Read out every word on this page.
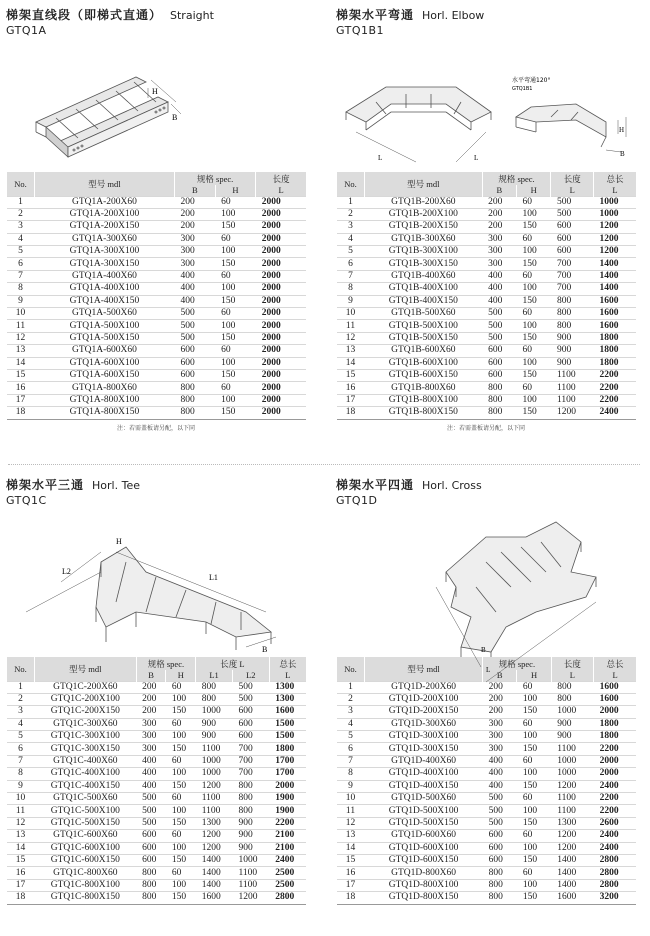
梯架直线段（即梯式直通） Straight
GTQ1A
H
B
No.	型号 mdl	规格 spec.		长度
		B	H	L
1	GTQ1A-200X60	200	60	2000
2	GTQ1A-200X100	200	100	2000
3	GTQ1A-200X150	200	150	2000
4	GTQ1A-300X60	300	60	2000
5	GTQ1A-300X100	300	100	2000
6	GTQ1A-300X150	300	150	2000
7	GTQ1A-400X60	400	60	2000
8	GTQ1A-400X100	400	100	2000
9	GTQ1A-400X150	400	150	2000
10	GTQ1A-500X60	500	60	2000
11	GTQ1A-500X100	500	100	2000
12	GTQ1A-500X150	500	150	2000
13	GTQ1A-600X60	600	60	2000
14	GTQ1A-600X100	600	100	2000
15	GTQ1A-600X150	600	150	2000
16	GTQ1A-800X60	800	60	2000
17	GTQ1A-800X100	800	100	2000
18	GTQ1A-800X150	800	150	2000
注：若需盖板请另配，以下同
梯架水平弯通 Horl. Elbow
GTQ1B1
水平弯通120°
GTQ1B1
L	L
H
B
No.	型号 mdl	规格 spec.		长度	总长
		B	H	L	L
1	GTQ1B-200X60	200	60	500	1000
2	GTQ1B-200X100	200	100	500	1000
3	GTQ1B-200X150	200	150	600	1200
4	GTQ1B-300X60	300	60	600	1200
5	GTQ1B-300X100	300	100	600	1200
6	GTQ1B-300X150	300	150	700	1400
7	GTQ1B-400X60	400	60	700	1400
8	GTQ1B-400X100	400	100	700	1400
9	GTQ1B-400X150	400	150	800	1600
10	GTQ1B-500X60	500	60	800	1600
11	GTQ1B-500X100	500	100	800	1600
12	GTQ1B-500X150	500	150	900	1800
13	GTQ1B-600X60	600	60	900	1800
14	GTQ1B-600X100	600	100	900	1800
15	GTQ1B-600X150	600	150	1100	2200
16	GTQ1B-800X60	800	60	1100	2200
17	GTQ1B-800X100	800	100	1100	2200
18	GTQ1B-800X150	800	150	1200	2400
注：若需盖板请另配，以下同
梯架水平三通 Horl. Tee
GTQ1C
L2
L1
H
B
No.	型号 mdl	规格 spec.		长度 L		总长
		B	H	L1	L2	L
1	GTQ1C-200X60	200	60	800	500	1300
2	GTQ1C-200X100	200	100	800	500	1300
3	GTQ1C-200X150	200	150	1000	600	1600
4	GTQ1C-300X60	300	60	900	600	1500
5	GTQ1C-300X100	300	100	900	600	1500
6	GTQ1C-300X150	300	150	1100	700	1800
7	GTQ1C-400X60	400	60	1000	700	1700
8	GTQ1C-400X100	400	100	1000	700	1700
9	GTQ1C-400X150	400	150	1200	800	2000
10	GTQ1C-500X60	500	60	1100	800	1900
11	GTQ1C-500X100	500	100	1100	800	1900
12	GTQ1C-500X150	500	150	1300	900	2200
13	GTQ1C-600X60	600	60	1200	900	2100
14	GTQ1C-600X100	600	100	1200	900	2100
15	GTQ1C-600X150	600	150	1400	1000	2400
16	GTQ1C-800X60	800	60	1400	1100	2500
17	GTQ1C-800X100	800	100	1400	1100	2500
18	GTQ1C-800X150	800	150	1600	1200	2800
梯架水平四通 Horl. Cross
GTQ1D
B
L
No.	型号 mdl	规格 spec.		长度	总长
		B	H	L	L
1	GTQ1D-200X60	200	60	800	1600
2	GTQ1D-200X100	200	100	800	1600
3	GTQ1D-200X150	200	150	1000	2000
4	GTQ1D-300X60	300	60	900	1800
5	GTQ1D-300X100	300	100	900	1800
6	GTQ1D-300X150	300	150	1100	2200
7	GTQ1D-400X60	400	60	1000	2000
8	GTQ1D-400X100	400	100	1000	2000
9	GTQ1D-400X150	400	150	1200	2400
10	GTQ1D-500X60	500	60	1100	2200
11	GTQ1D-500X100	500	100	1100	2200
12	GTQ1D-500X150	500	150	1300	2600
13	GTQ1D-600X60	600	60	1200	2400
14	GTQ1D-600X100	600	100	1200	2400
15	GTQ1D-600X150	600	150	1400	2800
16	GTQ1D-800X60	800	60	1400	2800
17	GTQ1D-800X100	800	100	1400	2800
18	GTQ1D-800X150	800	150	1600	3200
